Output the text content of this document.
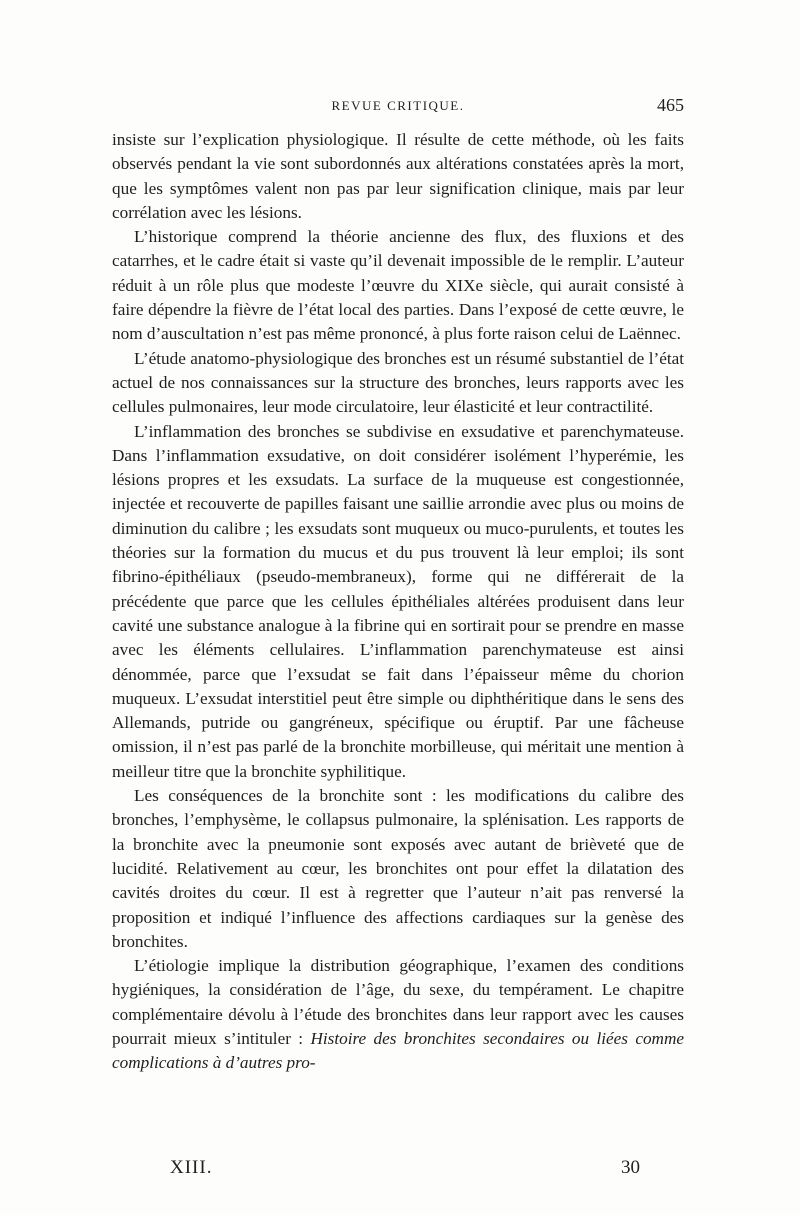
REVUE CRITIQUE.	465

insiste sur l’explication physiologique. Il résulte de cette méthode, où les faits observés pendant la vie sont subordonnés aux altérations constatées après la mort, que les symptômes valent non pas par leur signification clinique, mais par leur corrélation avec les lésions.

L’historique comprend la théorie ancienne des flux, des fluxions et des catarrhes, et le cadre était si vaste qu’il devenait impossible de le remplir. L’auteur réduit à un rôle plus que modeste l’œuvre du XIXe siècle, qui aurait consisté à faire dépendre la fièvre de l’état local des parties. Dans l’exposé de cette œuvre, le nom d’auscultation n’est pas même prononcé, à plus forte raison celui de Laënnec.

L’étude anatomo-physiologique des bronches est un résumé substantiel de l’état actuel de nos connaissances sur la structure des bronches, leurs rapports avec les cellules pulmonaires, leur mode circulatoire, leur élasticité et leur contractilité.

L’inflammation des bronches se subdivise en exsudative et parenchymateuse. Dans l’inflammation exsudative, on doit considérer isolément l’hyperémie, les lésions propres et les exsudats. La surface de la muqueuse est congestionnée, injectée et recouverte de papilles faisant une saillie arrondie avec plus ou moins de diminution du calibre ; les exsudats sont muqueux ou muco-purulents, et toutes les théories sur la formation du mucus et du pus trouvent là leur emploi; ils sont fibrino-épithéliaux (pseudo-membraneux), forme qui ne différerait de la précédente que parce que les cellules épithéliales altérées produisent dans leur cavité une substance analogue à la fibrine qui en sortirait pour se prendre en masse avec les éléments cellulaires. L’inflammation parenchymateuse est ainsi dénommée, parce que l’exsudat se fait dans l’épaisseur même du chorion muqueux. L’exsudat interstitiel peut être simple ou diphthéritique dans le sens des Allemands, putride ou gangréneux, spécifique ou éruptif. Par une fâcheuse omission, il n’est pas parlé de la bronchite morbilleuse, qui méritait une mention à meilleur titre que la bronchite syphilitique.

Les conséquences de la bronchite sont : les modifications du calibre des bronches, l’emphysème, le collapsus pulmonaire, la splénisation. Les rapports de la bronchite avec la pneumonie sont exposés avec autant de brièveté que de lucidité. Relativement au cœur, les bronchites ont pour effet la dilatation des cavités droites du cœur. Il est à regretter que l’auteur n’ait pas renversé la proposition et indiqué l’influence des affections cardiaques sur la genèse des bronchites.

L’étiologie implique la distribution géographique, l’examen des conditions hygiéniques, la considération de l’âge, du sexe, du tempérament. Le chapitre complémentaire dévolu à l’étude des bronchites dans leur rapport avec les causes pourrait mieux s’intituler : Histoire des bronchites secondaires ou liées comme complications à d’autres pro-

XIII.	30
